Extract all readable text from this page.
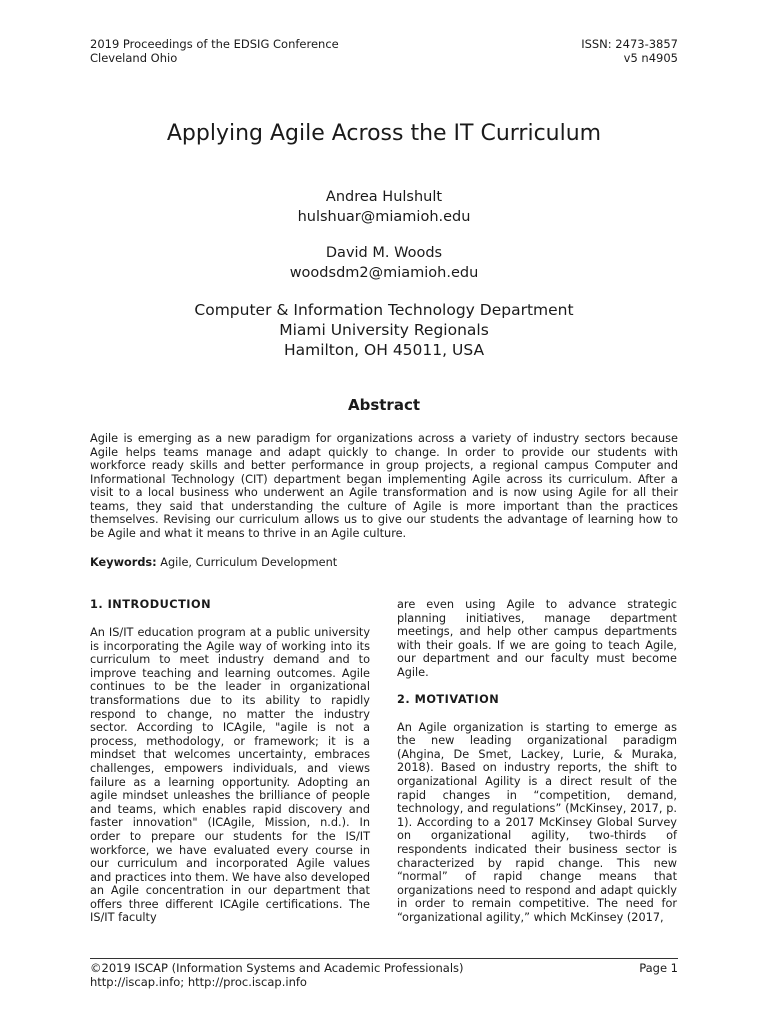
2019 Proceedings of the EDSIG Conference
Cleveland Ohio
ISSN: 2473-3857
v5 n4905
Applying Agile Across the IT Curriculum
Andrea Hulshult
hulshuar@miamioh.edu
David M. Woods
woodsdm2@miamioh.edu
Computer & Information Technology Department
Miami University Regionals
Hamilton, OH 45011, USA
Abstract

Agile is emerging as a new paradigm for organizations across a variety of industry sectors because Agile helps teams manage and adapt quickly to change. In order to provide our students with workforce ready skills and better performance in group projects, a regional campus Computer and Informational Technology (CIT) department began implementing Agile across its curriculum. After a visit to a local business who underwent an Agile transformation and is now using Agile for all their teams, they said that understanding the culture of Agile is more important than the practices themselves. Revising our curriculum allows us to give our students the advantage of learning how to be Agile and what it means to thrive in an Agile culture.

Keywords: Agile, Curriculum Development

1. INTRODUCTION

An IS/IT education program at a public university is incorporating the Agile way of working into its curriculum to meet industry demand and to improve teaching and learning outcomes. Agile continues to be the leader in organizational transformations due to its ability to rapidly respond to change, no matter the industry sector. According to ICAgile, "agile is not a process, methodology, or framework; it is a mindset that welcomes uncertainty, embraces challenges, empowers individuals, and views failure as a learning opportunity. Adopting an agile mindset unleashes the brilliance of people and teams, which enables rapid discovery and faster innovation" (ICAgile, Mission, n.d.). In order to prepare our students for the IS/IT workforce, we have evaluated every course in our curriculum and incorporated Agile values and practices into them. We have also developed an Agile concentration in our department that offers three different ICAgile certifications. The IS/IT faculty

are even using Agile to advance strategic planning initiatives, manage department meetings, and help other campus departments with their goals. If we are going to teach Agile, our department and our faculty must become Agile.

2. MOTIVATION

An Agile organization is starting to emerge as the new leading organizational paradigm (Ahgina, De Smet, Lackey, Lurie, & Muraka, 2018). Based on industry reports, the shift to organizational Agility is a direct result of the rapid changes in “competition, demand, technology, and regulations” (McKinsey, 2017, p. 1). According to a 2017 McKinsey Global Survey on organizational agility, two-thirds of respondents indicated their business sector is characterized by rapid change. This new “normal” of rapid change means that organizations need to respond and adapt quickly in order to remain competitive. The need for “organizational agility,” which McKinsey (2017,

©2019 ISCAP (Information Systems and Academic Professionals)
http://iscap.info; http://proc.iscap.info
Page 1
